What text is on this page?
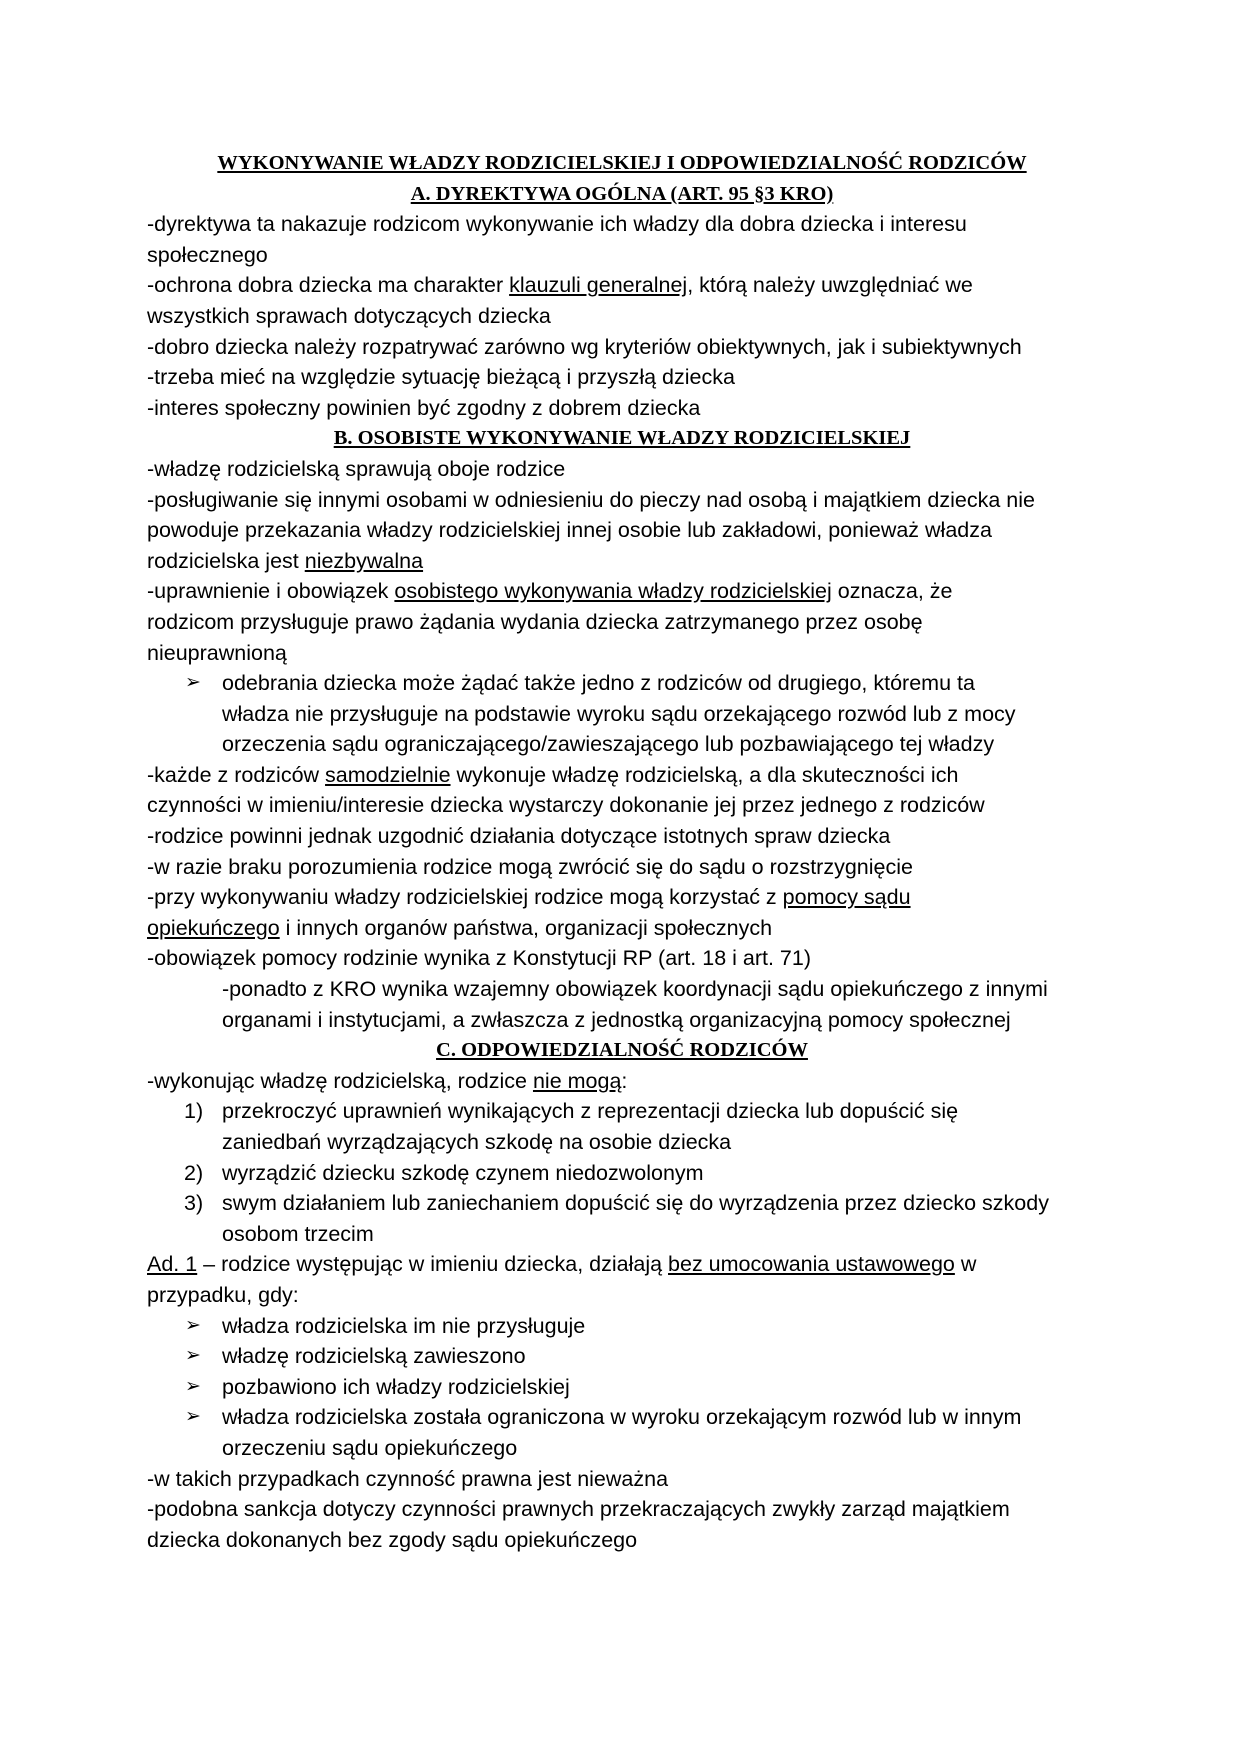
WYKONYWANIE WŁADZY RODZICIELSKIEJ I ODPOWIEDZIALNOŚĆ RODZICÓW
A. DYREKTYWA OGÓLNA (ART. 95 §3 KRO)
-dyrektywa ta nakazuje rodzicom wykonywanie ich władzy dla dobra dziecka i interesu
społecznego
-ochrona dobra dziecka ma charakter klauzuli generalnej, którą należy uwzględniać we
wszystkich sprawach dotyczących dziecka
-dobro dziecka należy rozpatrywać zarówno wg kryteriów obiektywnych, jak i subiektywnych
-trzeba mieć na względzie sytuację bieżącą i przyszłą dziecka
-interes społeczny powinien być zgodny z dobrem dziecka
B. OSOBISTE WYKONYWANIE WŁADZY RODZICIELSKIEJ
-władzę rodzicielską sprawują oboje rodzice
-posługiwanie się innymi osobami w odniesieniu do pieczy nad osobą i majątkiem dziecka nie
powoduje przekazania władzy rodzicielskiej innej osobie lub zakładowi, ponieważ władza
rodzicielska jest niezbywalna
-uprawnienie i obowiązek osobistego wykonywania władzy rodzicielskiej oznacza, że
rodzicom przysługuje prawo żądania wydania dziecka zatrzymanego przez osobę
nieuprawnioną
➢ odebrania dziecka może żądać także jedno z rodziców od drugiego, któremu ta
władza nie przysługuje na podstawie wyroku sądu orzekającego rozwód lub z mocy
orzeczenia sądu ograniczającego/zawieszającego lub pozbawiającego tej władzy
-każde z rodziców samodzielnie wykonuje władzę rodzicielską, a dla skuteczności ich
czynności w imieniu/interesie dziecka wystarczy dokonanie jej przez jednego z rodziców
-rodzice powinni jednak uzgodnić działania dotyczące istotnych spraw dziecka
-w razie braku porozumienia rodzice mogą zwrócić się do sądu o rozstrzygnięcie
-przy wykonywaniu władzy rodzicielskiej rodzice mogą korzystać z pomocy sądu
opiekuńczego i innych organów państwa, organizacji społecznych
-obowiązek pomocy rodzinie wynika z Konstytucji RP (art. 18 i art. 71)
-ponadto z KRO wynika wzajemny obowiązek koordynacji sądu opiekuńczego z innymi
organami i instytucjami, a zwłaszcza z jednostką organizacyjną pomocy społecznej
C. ODPOWIEDZIALNOŚĆ RODZICÓW
-wykonując władzę rodzicielską, rodzice nie mogą:
1) przekroczyć uprawnień wynikających z reprezentacji dziecka lub dopuścić się
zaniedbań wyrządzających szkodę na osobie dziecka
2) wyrządzić dziecku szkodę czynem niedozwolonym
3) swym działaniem lub zaniechaniem dopuścić się do wyrządzenia przez dziecko szkody
osobom trzecim
Ad. 1 – rodzice występując w imieniu dziecka, działają bez umocowania ustawowego w
przypadku, gdy:
➢ władza rodzicielska im nie przysługuje
➢ władzę rodzicielską zawieszono
➢ pozbawiono ich władzy rodzicielskiej
➢ władza rodzicielska została ograniczona w wyroku orzekającym rozwód lub w innym
orzeczeniu sądu opiekuńczego
-w takich przypadkach czynność prawna jest nieważna
-podobna sankcja dotyczy czynności prawnych przekraczających zwykły zarząd majątkiem
dziecka dokonanych bez zgody sądu opiekuńczego
